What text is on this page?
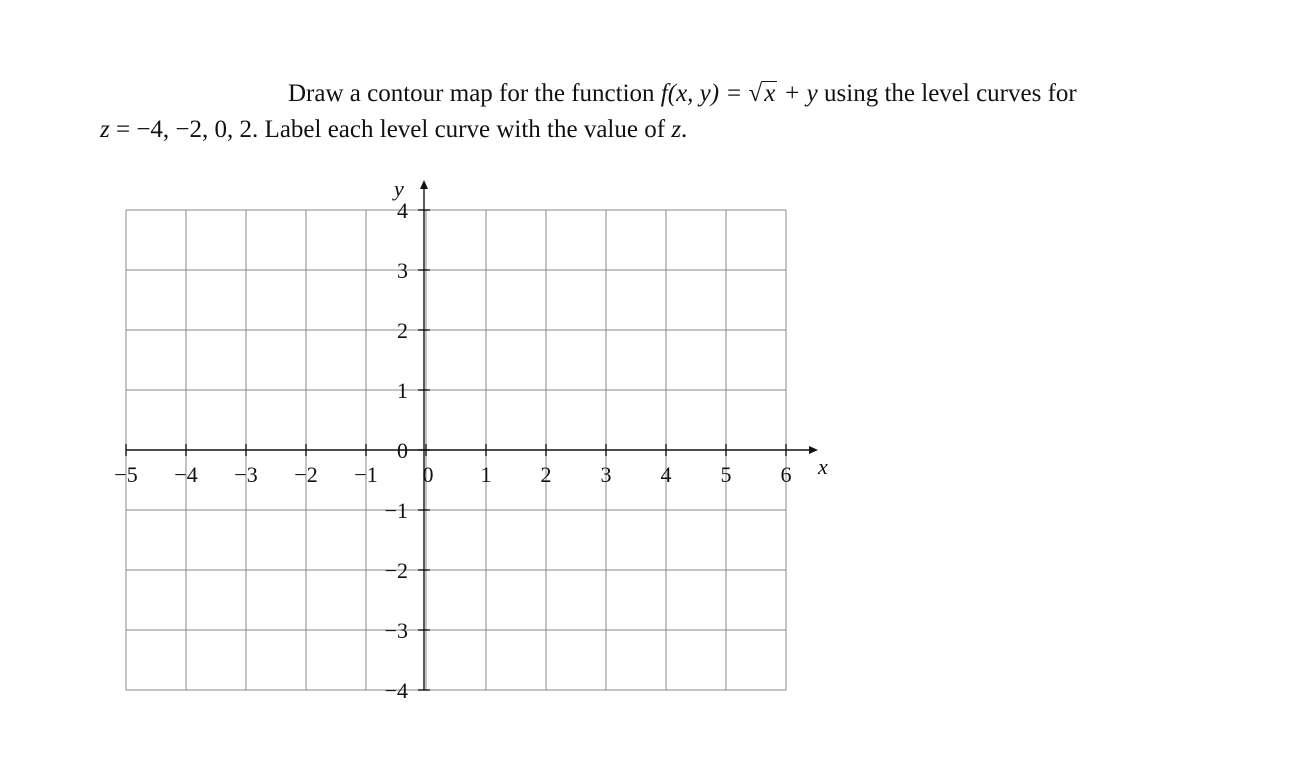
Draw a contour map for the function f(x, y) = √x + y using the level curves for
z = −4, −2, 0, 2. Label each level curve with the value of z.
−5 −4 −3 −2 −1 0 1 2 3 4 5 6
−4
−3
−2
−1
0
1
2
3
4
x
y
